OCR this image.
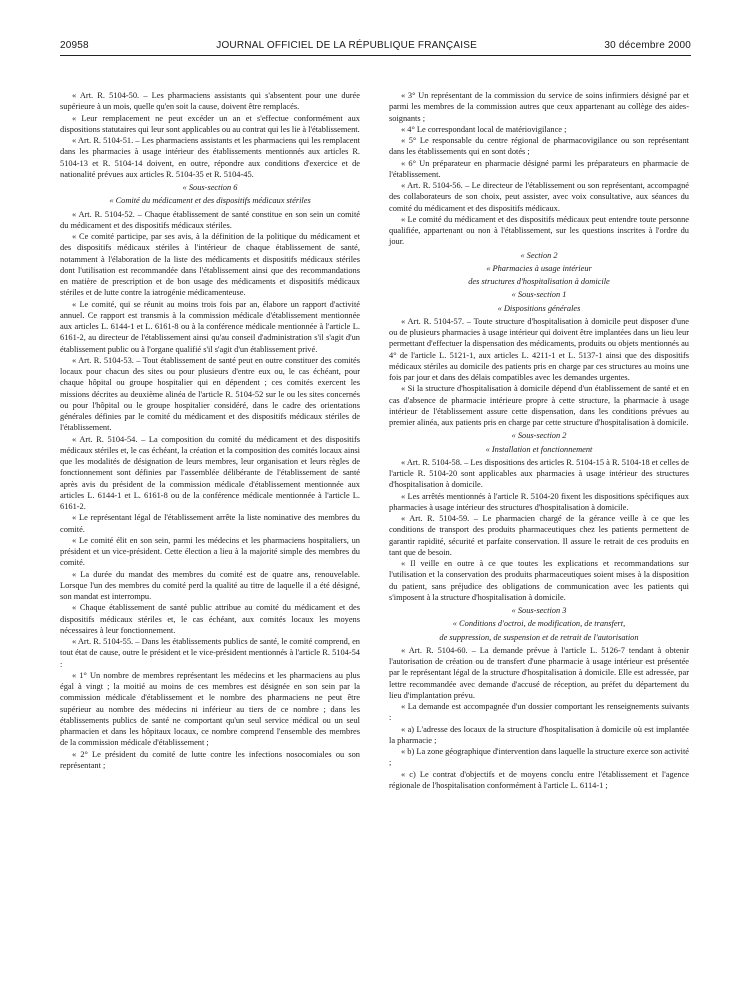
20958	JOURNAL OFFICIEL DE LA RÉPUBLIQUE FRANÇAISE	30 décembre 2000

« Art. R. 5104-50. – Les pharmaciens assistants qui s'absentent pour une durée supérieure à un mois, quelle qu'en soit la cause, doivent être remplacés.

« Leur remplacement ne peut excéder un an et s'effectue conformément aux dispositions statutaires qui leur sont applicables ou au contrat qui les lie à l'établissement.

« Art. R. 5104-51. – Les pharmaciens assistants et les pharmaciens qui les remplacent dans les pharmacies à usage intérieur des établissements mentionnés aux articles R. 5104-13 et R. 5104-14 doivent, en outre, répondre aux conditions d'exercice et de nationalité prévues aux articles R. 5104-35 et R. 5104-45.

« Sous-section 6
« Comité du médicament et des dispositifs médicaux stériles

« Art. R. 5104-52. – Chaque établissement de santé constitue en son sein un comité du médicament et des dispositifs médicaux stériles.

« Ce comité participe, par ses avis, à la définition de la politique du médicament et des dispositifs médicaux stériles à l'intérieur de chaque établissement de santé, notamment à l'élaboration de la liste des médicaments et dispositifs médicaux stériles dont l'utilisation est recommandée dans l'établissement ainsi que des recommandations en matière de prescription et de bon usage des médicaments et dispositifs médicaux stériles et de lutte contre la iatrogénie médicamenteuse.

« Le comité, qui se réunit au moins trois fois par an, élabore un rapport d'activité annuel. Ce rapport est transmis à la commission médicale d'établissement mentionnée aux articles L. 6144-1 et L. 6161-8 ou à la conférence médicale mentionnée à l'article L. 6161-2, au directeur de l'établissement ainsi qu'au conseil d'administration s'il s'agit d'un établissement public ou à l'organe qualifié s'il s'agit d'un établissement privé.

« Art. R. 5104-53. – Tout établissement de santé peut en outre constituer des comités locaux pour chacun des sites ou pour plusieurs d'entre eux ou, le cas échéant, pour chaque hôpital ou groupe hospitalier qui en dépendent ; ces comités exercent les missions décrites au deuxième alinéa de l'article R. 5104-52 sur le ou les sites concernés ou pour l'hôpital ou le groupe hospitalier considéré, dans le cadre des orientations générales définies par le comité du médicament et des dispositifs médicaux stériles de l'établissement.

« Art. R. 5104-54. – La composition du comité du médicament et des dispositifs médicaux stériles et, le cas échéant, la création et la composition des comités locaux ainsi que les modalités de désignation de leurs membres, leur organisation et leurs règles de fonctionnement sont définies par l'assemblée délibérante de l'établissement de santé après avis du président de la commission médicale d'établissement mentionnée aux articles L. 6144-1 et L. 6161-8 ou de la conférence médicale mentionnée à l'article L. 6161-2.

« Le représentant légal de l'établissement arrête la liste nominative des membres du comité.

« Le comité élit en son sein, parmi les médecins et les pharmaciens hospitaliers, un président et un vice-président. Cette élection a lieu à la majorité simple des membres du comité.

« La durée du mandat des membres du comité est de quatre ans, renouvelable. Lorsque l'un des membres du comité perd la qualité au titre de laquelle il a été désigné, son mandat est interrompu.

« Chaque établissement de santé public attribue au comité du médicament et des dispositifs médicaux stériles et, le cas échéant, aux comités locaux les moyens nécessaires à leur fonctionnement.

« Art. R. 5104-55. – Dans les établissements publics de santé, le comité comprend, en tout état de cause, outre le président et le vice-président mentionnés à l'article R. 5104-54 :

« 1° Un nombre de membres représentant les médecins et les pharmaciens au plus égal à vingt ; la moitié au moins de ces membres est désignée en son sein par la commission médicale d'établissement et le nombre des pharmaciens ne peut être supérieur au nombre des médecins ni inférieur au tiers de ce nombre ; dans les établissements publics de santé ne comportant qu'un seul service médical ou un seul pharmacien et dans les hôpitaux locaux, ce nombre comprend l'ensemble des membres de la commission médicale d'établissement ;

« 2° Le président du comité de lutte contre les infections nosocomiales ou son représentant ;

« 3° Un représentant de la commission du service de soins infirmiers désigné par et parmi les membres de la commission autres que ceux appartenant au collège des aides-soignants ;

« 4° Le correspondant local de matériovigilance ;

« 5° Le responsable du centre régional de pharmacovigilance ou son représentant dans les établissements qui en sont dotés ;

« 6° Un préparateur en pharmacie désigné parmi les préparateurs en pharmacie de l'établissement.

« Art. R. 5104-56. – Le directeur de l'établissement ou son représentant, accompagné des collaborateurs de son choix, peut assister, avec voix consultative, aux séances du comité du médicament et des dispositifs médicaux.

« Le comité du médicament et des dispositifs médicaux peut entendre toute personne qualifiée, appartenant ou non à l'établissement, sur les questions inscrites à l'ordre du jour.

« Section 2
« Pharmacies à usage intérieur
des structures d'hospitalisation à domicile
« Sous-section 1
« Dispositions générales

« Art. R. 5104-57. – Toute structure d'hospitalisation à domicile peut disposer d'une ou de plusieurs pharmacies à usage intérieur qui doivent être implantées dans un lieu leur permettant d'effectuer la dispensation des médicaments, produits ou objets mentionnés au 4° de l'article L. 5121-1, aux articles L. 4211-1 et L. 5137-1 ainsi que des dispositifs médicaux stériles au domicile des patients pris en charge par ces structures au moins une fois par jour et dans des délais compatibles avec les demandes urgentes.

« Si la structure d'hospitalisation à domicile dépend d'un établissement de santé et en cas d'absence de pharmacie intérieure propre à cette structure, la pharmacie à usage intérieur de l'établissement assure cette dispensation, dans les conditions prévues au premier alinéa, aux patients pris en charge par cette structure d'hospitalisation à domicile.

« Sous-section 2
« Installation et fonctionnement

« Art. R. 5104-58. – Les dispositions des articles R. 5104-15 à R. 5104-18 et celles de l'article R. 5104-20 sont applicables aux pharmacies à usage intérieur des structures d'hospitalisation à domicile.

« Les arrêtés mentionnés à l'article R. 5104-20 fixent les dispositions spécifiques aux pharmacies à usage intérieur des structures d'hospitalisation à domicile.

« Art. R. 5104-59. – Le pharmacien chargé de la gérance veille à ce que les conditions de transport des produits pharmaceutiques chez les patients permettent de garantir rapidité, sécurité et parfaite conservation. Il assure le retrait de ces produits en tant que de besoin.

« Il veille en outre à ce que toutes les explications et recommandations sur l'utilisation et la conservation des produits pharmaceutiques soient mises à la disposition du patient, sans préjudice des obligations de communication avec les patients qui s'imposent à la structure d'hospitalisation à domicile.

« Sous-section 3
« Conditions d'octroi, de modification, de transfert,
de suppression, de suspension et de retrait de l'autorisation

« Art. R. 5104-60. – La demande prévue à l'article L. 5126-7 tendant à obtenir l'autorisation de création ou de transfert d'une pharmacie à usage intérieur est présentée par le représentant légal de la structure d'hospitalisation à domicile. Elle est adressée, par lettre recommandée avec demande d'accusé de réception, au préfet du département du lieu d'implantation prévu.

« La demande est accompagnée d'un dossier comportant les renseignements suivants :

« a) L'adresse des locaux de la structure d'hospitalisation à domicile où est implantée la pharmacie ;

« b) La zone géographique d'intervention dans laquelle la structure exerce son activité ;

« c) Le contrat d'objectifs et de moyens conclu entre l'établissement et l'agence régionale de l'hospitalisation conformément à l'article L. 6114-1 ;
